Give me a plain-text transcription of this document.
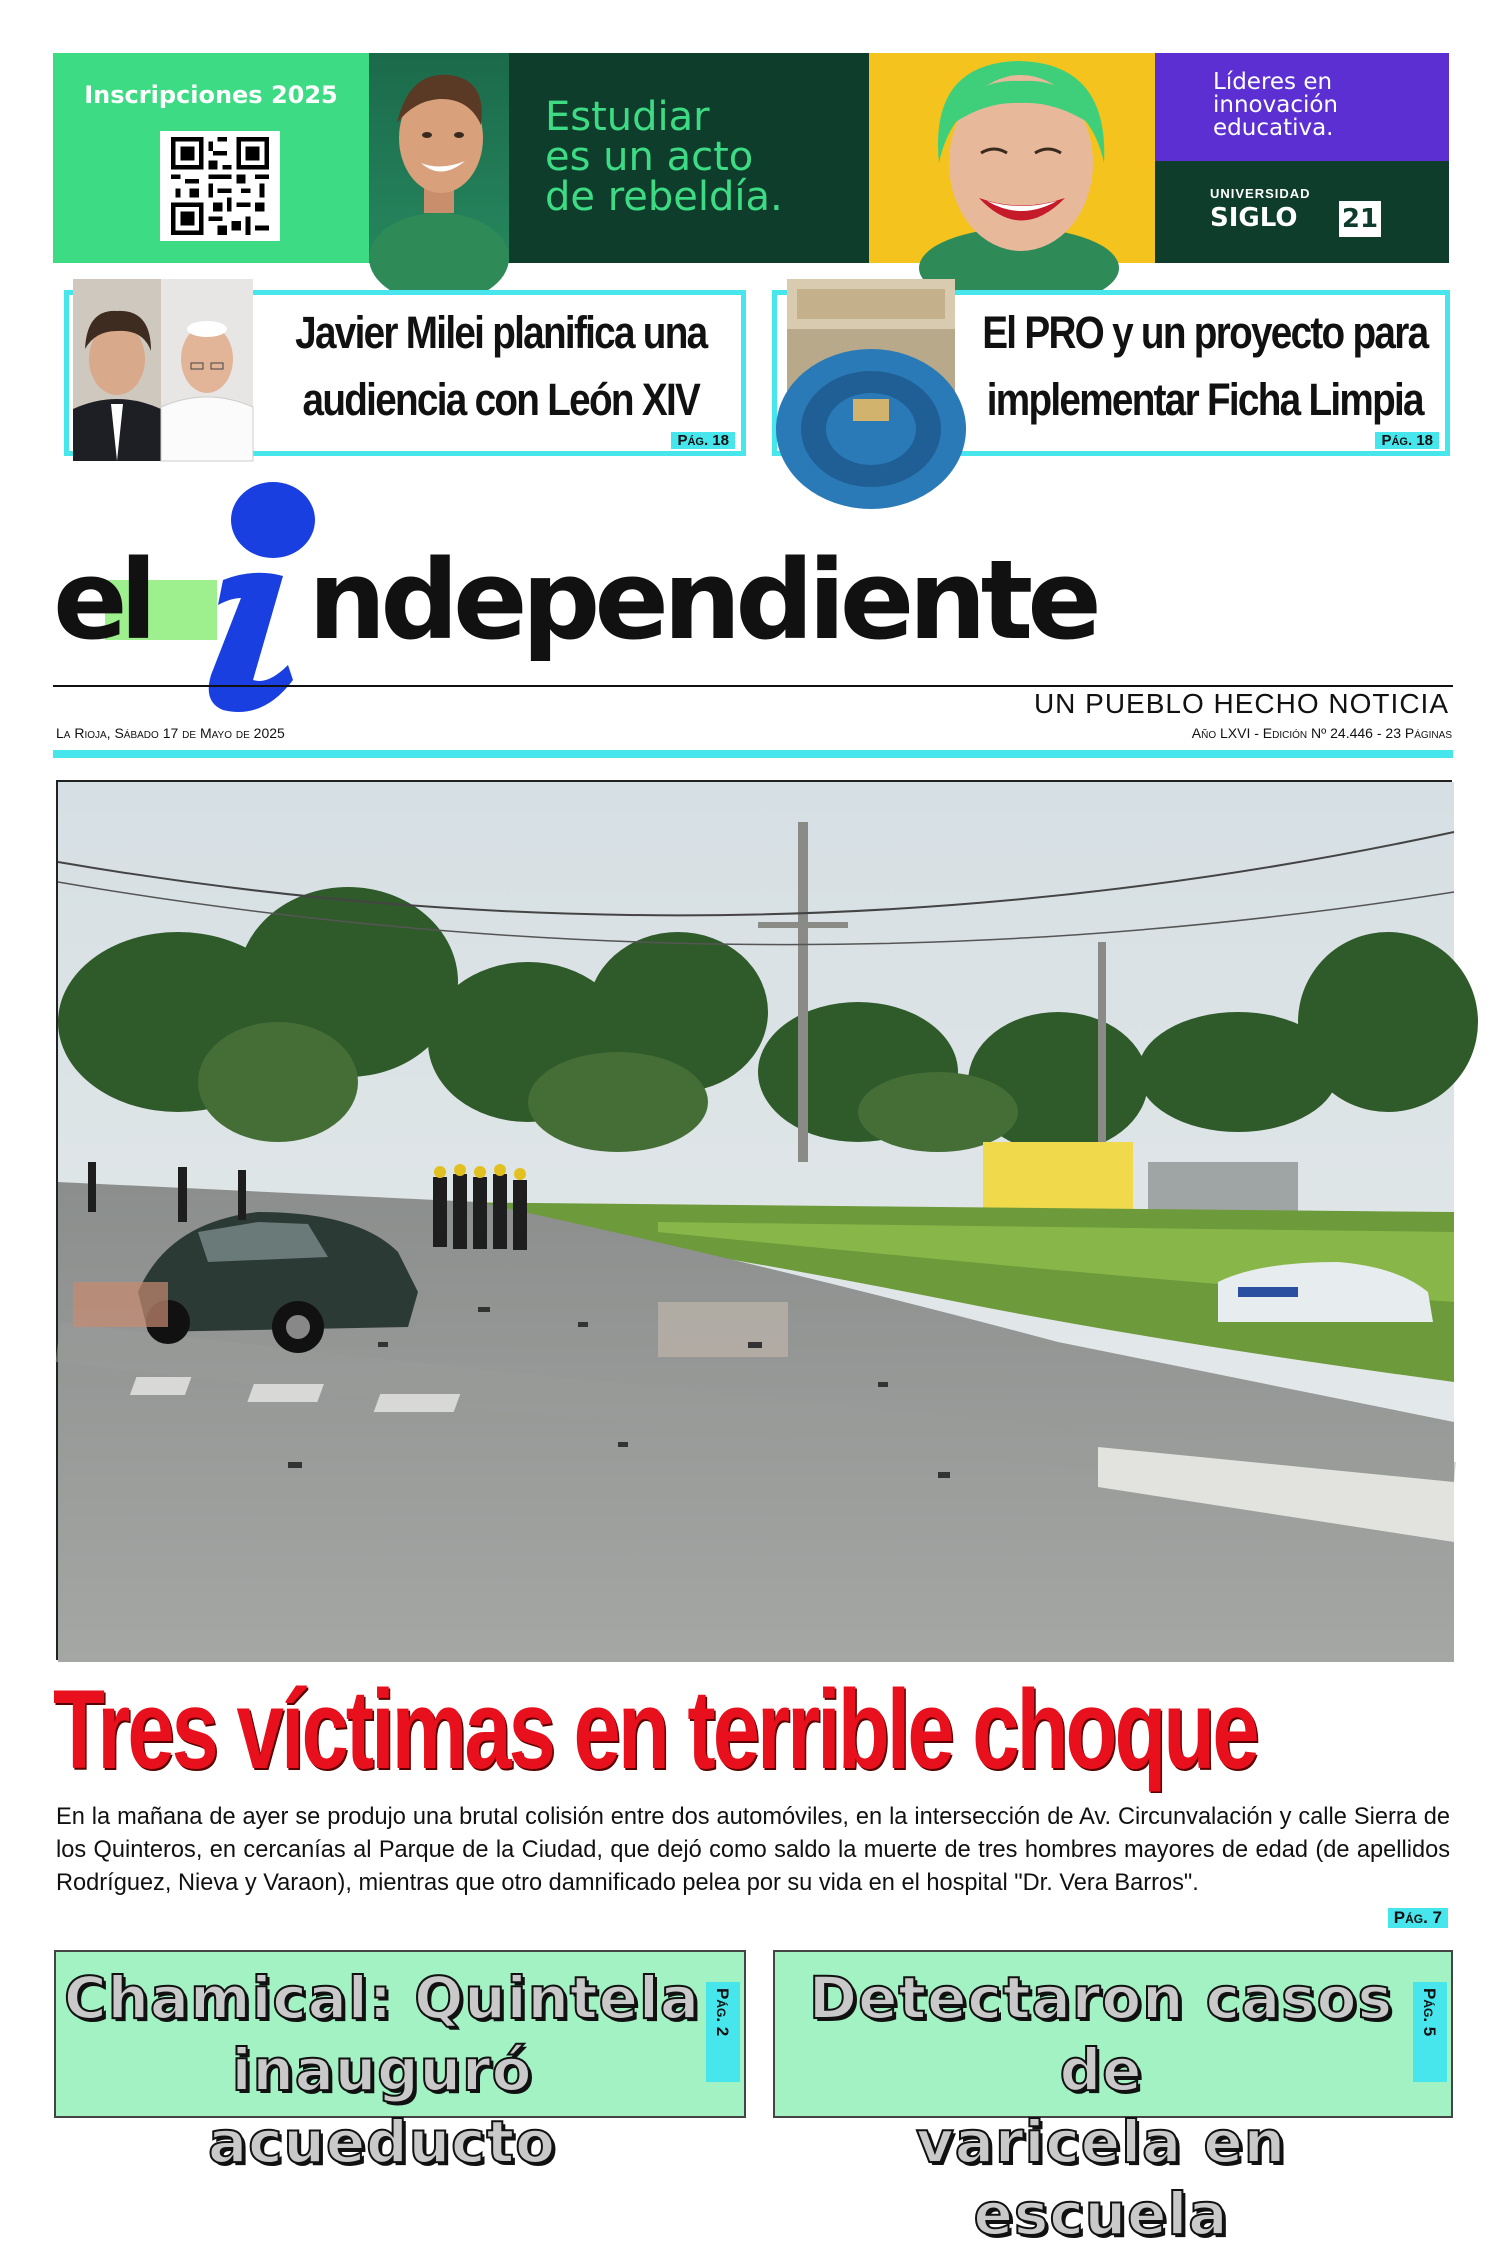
Inscripciones 2025	Estudiar
es un acto
de rebeldía.
Líderes en
innovación
educativa.
UNIVERSIDAD
SIGLO 21
Javier Milei planifica una
audiencia con León XIV
Pág. 18
El PRO y un proyecto para
implementar Ficha Limpia
Pág. 18
el ndependiente
UN PUEBLO HECHO NOTICIA
La Rioja, Sábado 17 de Mayo de 2025	Año LXVI - Edición Nº 24.446 - 23 Páginas
Tres víctimas en terrible choque
En la mañana de ayer se produjo una brutal colisión entre dos automóviles, en la intersección de Av. Circunvalación y calle Sierra de los Quinteros, en cercanías al Parque de la Ciudad, que dejó como saldo la muerte de tres hombres mayores de edad (de apellidos Rodríguez, Nieva y Varaon), mientras que otro damnificado pelea por su vida en el hospital "Dr. Vera Barros".
Pág. 7
Chamical: Quintela
inauguró acueducto
Pág. 2	Detectaron casos de
varicela en escuela
Pág. 5
